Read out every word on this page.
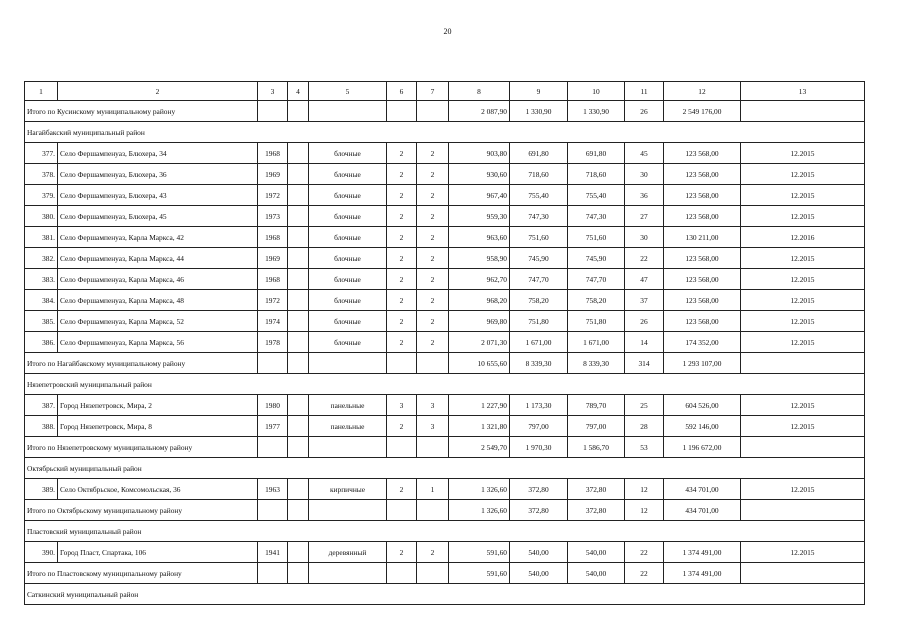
20
1	2	3	4	5	6	7	8	9	10	11	12	13
Итого по Кусинскому муниципальному району							2 087,90	1 330,90	1 330,90	26	2 549 176,00	
Нагайбакский муниципальный район												
377.	Село Фершампенуаз, Блюхера, 34	1968		блочные	2	2	903,80	691,80	691,80	45	123 568,00	12.2015
378.	Село Фершампенуаз, Блюхера, 36	1969		блочные	2	2	930,60	718,60	718,60	30	123 568,00	12.2015
379.	Село Фершампенуаз, Блюхера, 43	1972		блочные	2	2	967,40	755,40	755,40	36	123 568,00	12.2015
380.	Село Фершампенуаз, Блюхера, 45	1973		блочные	2	2	959,30	747,30	747,30	27	123 568,00	12.2015
381.	Село Фершампенуаз, Карла Маркса, 42	1968		блочные	2	2	963,60	751,60	751,60	30	130 211,00	12.2016
382.	Село Фершампенуаз, Карла Маркса, 44	1969		блочные	2	2	958,90	745,90	745,90	22	123 568,00	12.2015
383.	Село Фершампенуаз, Карла Маркса, 46	1968		блочные	2	2	962,70	747,70	747,70	47	123 568,00	12.2015
384.	Село Фершампенуаз, Карла Маркса, 48	1972		блочные	2	2	968,20	758,20	758,20	37	123 568,00	12.2015
385.	Село Фершампенуаз, Карла Маркса, 52	1974		блочные	2	2	969,80	751,80	751,80	26	123 568,00	12.2015
386.	Село Фершампенуаз, Карла Маркса, 56	1978		блочные	2	2	2 071,30	1 671,00	1 671,00	14	174 352,00	12.2015
Итого по Нагайбакскому муниципальному району							10 655,60	8 339,30	8 339,30	314	1 293 107,00	
Нязепетровский муниципальный район												
387.	Город Нязепетровск, Мира, 2	1980		панельные	3	3	1 227,90	1 173,30	789,70	25	604 526,00	12.2015
388.	Город Нязепетровск, Мира, 8	1977		панельные	2	3	1 321,80	797,00	797,00	28	592 146,00	12.2015
Итого по Нязепетровскому муниципальному району							2 549,70	1 970,30	1 586,70	53	1 196 672,00	
Октябрьский муниципальный район												
389.	Село Октябрьское, Комсомольская, 36	1963		кирпичные	2	1	1 326,60	372,80	372,80	12	434 701,00	12.2015
Итого по Октябрьскому муниципальному району							1 326,60	372,80	372,80	12	434 701,00	
Пластовский муниципальный район												
390.	Город Пласт, Спартака, 106	1941		деревянный	2	2	591,60	540,00	540,00	22	1 374 491,00	12.2015
Итого по Пластовскому муниципальному району							591,60	540,00	540,00	22	1 374 491,00	
Саткинский муниципальный район												
